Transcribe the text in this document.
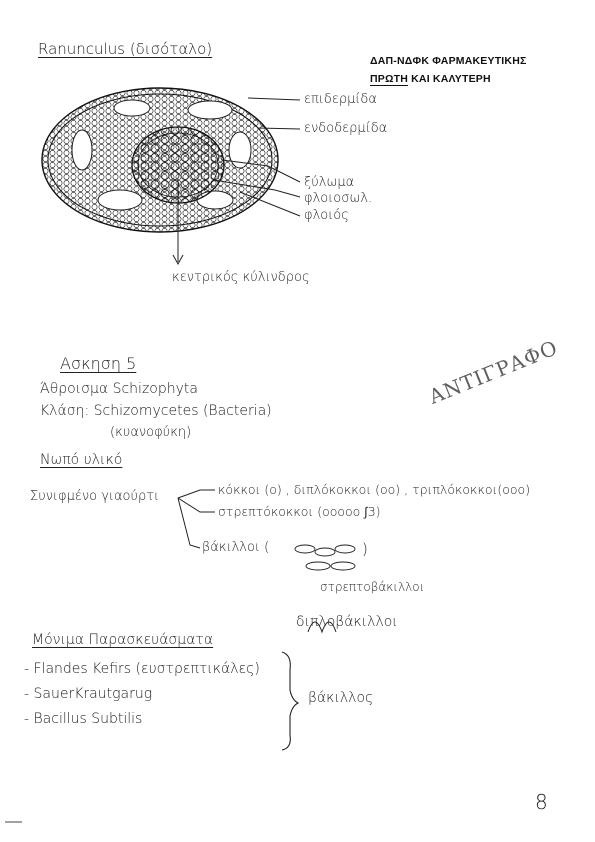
Ranunculus (δισόταλο)
ΔΑΠ-ΝΔΦΚ ΦΑΡΜΑΚΕΥΤΙΚΗΣ
ΠΡΩΤΗ ΚΑΙ ΚΑΛΥΤΕΡΗ
επιδερμίδα
ενδοδερμίδα
ξύλωμα
φλοιοσωλ.
φλοιός
κεντρικός κύλινδρος
ΑΝΤΙΓΡΑΦΟ
Ασκηση 5
Άθροισμα Schizophyta
Κλάση: Schizomycetes (Bacteria)
(κυανοφύκη)
Νωπό υλικό
Συνιφμένο γιαούρτι	κόκκοι (ο) , διπλόκοκκοι (οο) , τριπλόκοκκοι(οοο)
στρεπτόκοκκοι (οοοοο ∫3)
βάκιλλοι (	)
στρεπτοβάκιλλοι
διπλοβάκιλλοι
Μόνιμα Παρασκευάσματα
- Flandes Kefirs (ευστρεπτικάλες)
- SauerKrautgarug
- Bacillus Subtilis
βάκιλλος
8
